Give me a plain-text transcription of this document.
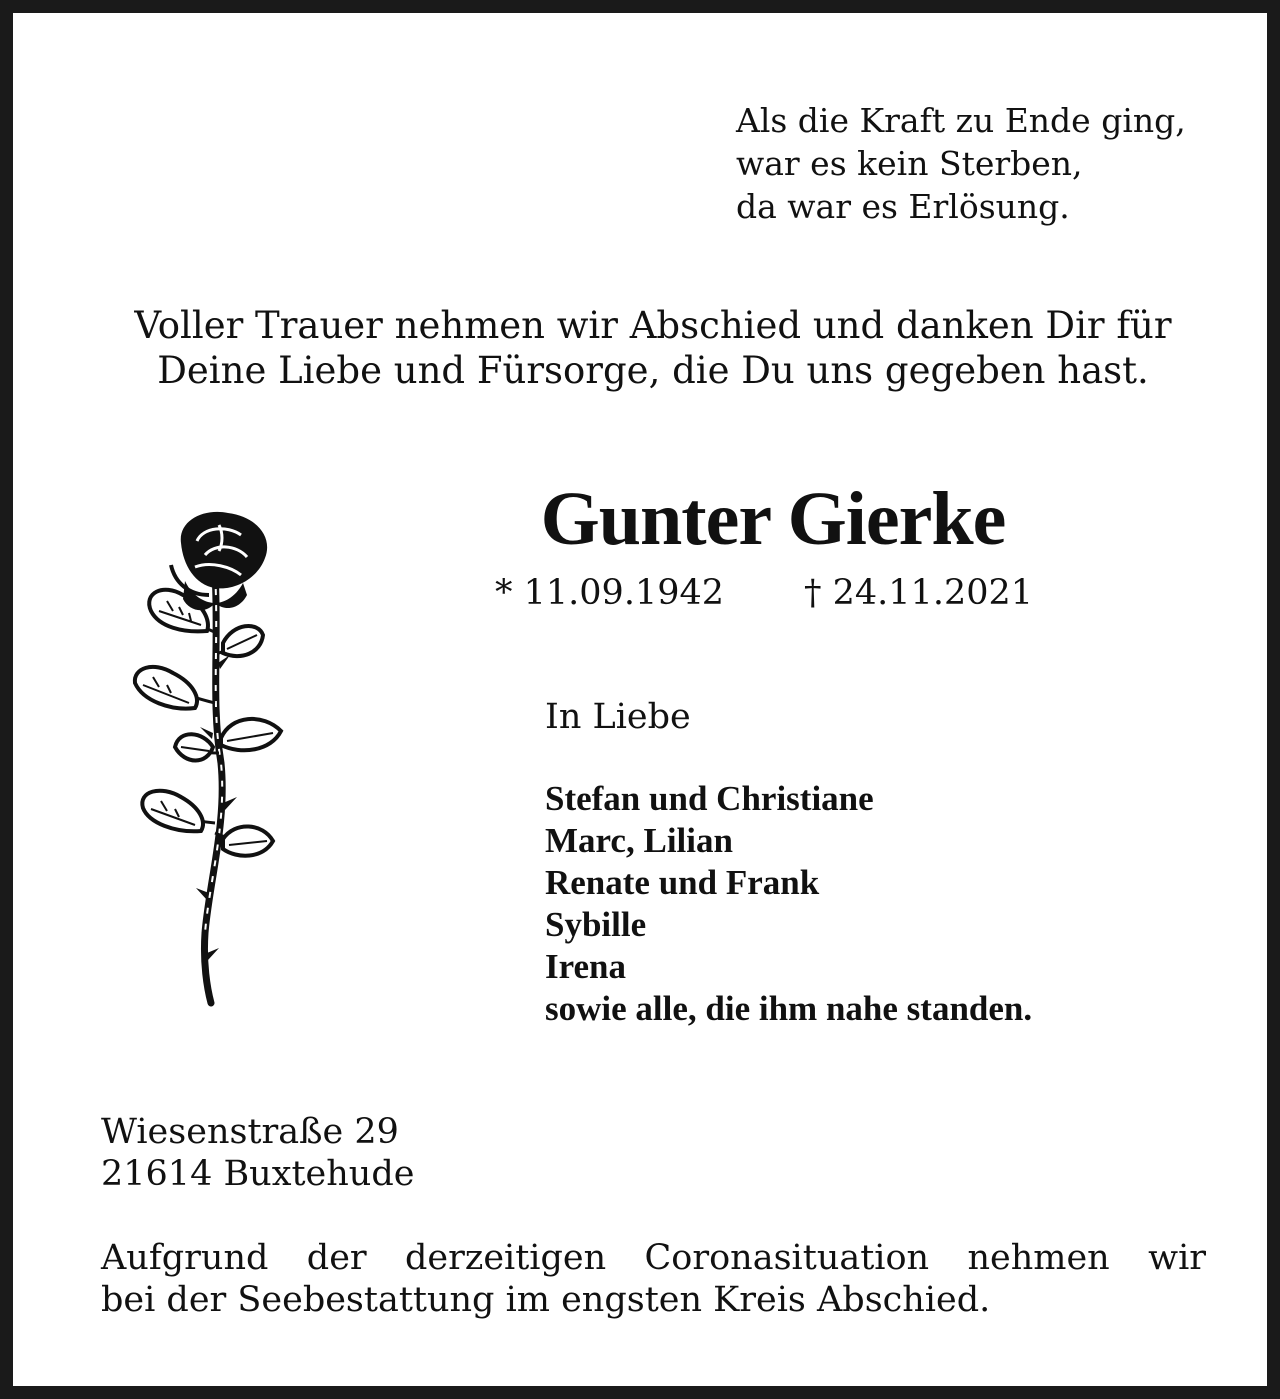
Als die Kraft zu Ende ging,
war es kein Sterben,
da war es Erlösung.
Voller Trauer nehmen wir Abschied und danken Dir für
Deine Liebe und Fürsorge, die Du uns gegeben hast.
Gunter Gierke
* 11.09.1942 † 24.11.2021
In Liebe
Stefan und Christiane
Marc, Lilian
Renate und Frank
Sybille
Irena
sowie alle, die ihm nahe standen.
Wiesenstraße 29
21614 Buxtehude
Aufgrund der derzeitigen Coronasituation nehmen wir
bei der Seebestattung im engsten Kreis Abschied.
